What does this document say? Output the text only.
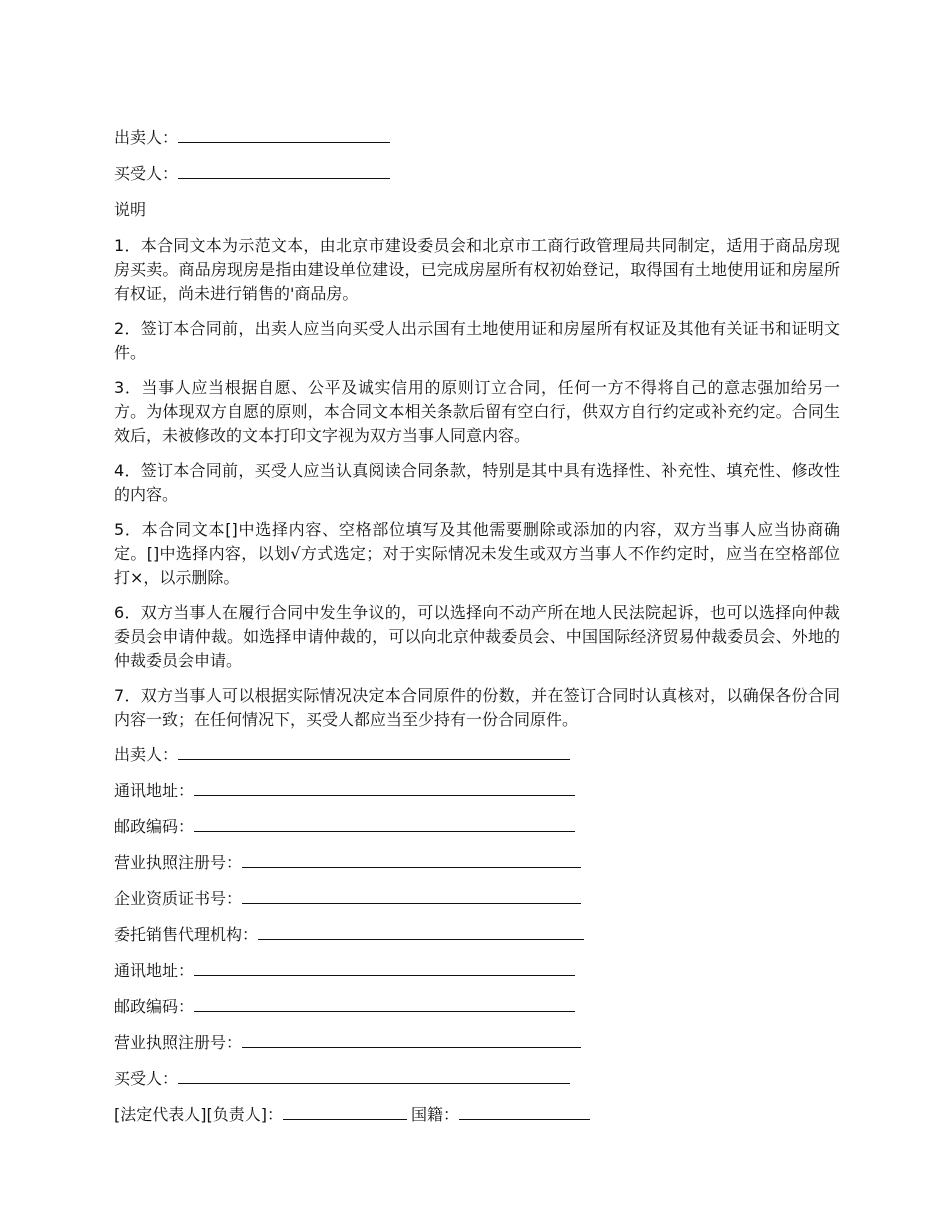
出卖人：
买受人：
说明

1．本合同文本为示范文本，由北京市建设委员会和北京市工商行政管理局共同制定，适用于商品房现房买卖。商品房现房是指由建设单位建设，已完成房屋所有权初始登记，取得国有土地使用证和房屋所有权证，尚未进行销售的'商品房。

2．签订本合同前，出卖人应当向买受人出示国有土地使用证和房屋所有权证及其他有关证书和证明文件。

3．当事人应当根据自愿、公平及诚实信用的原则订立合同，任何一方不得将自己的意志强加给另一方。为体现双方自愿的原则，本合同文本相关条款后留有空白行，供双方自行约定或补充约定。合同生效后，未被修改的文本打印文字视为双方当事人同意内容。

4．签订本合同前，买受人应当认真阅读合同条款，特别是其中具有选择性、补充性、填充性、修改性的内容。

5．本合同文本[]中选择内容、空格部位填写及其他需要删除或添加的内容，双方当事人应当协商确定。[]中选择内容，以划√方式选定；对于实际情况未发生或双方当事人不作约定时，应当在空格部位打×，以示删除。

6．双方当事人在履行合同中发生争议的，可以选择向不动产所在地人民法院起诉，也可以选择向仲裁委员会申请仲裁。如选择申请仲裁的，可以向北京仲裁委员会、中国国际经济贸易仲裁委员会、外地的仲裁委员会申请。

7．双方当事人可以根据实际情况决定本合同原件的份数，并在签订合同时认真核对，以确保各份合同内容一致；在任何情况下，买受人都应当至少持有一份合同原件。

出卖人：
通讯地址：
邮政编码：
营业执照注册号：
企业资质证书号：
委托销售代理机构：
通讯地址：
邮政编码：
营业执照注册号：
买受人：
[法定代表人][负责人]：	国籍：
